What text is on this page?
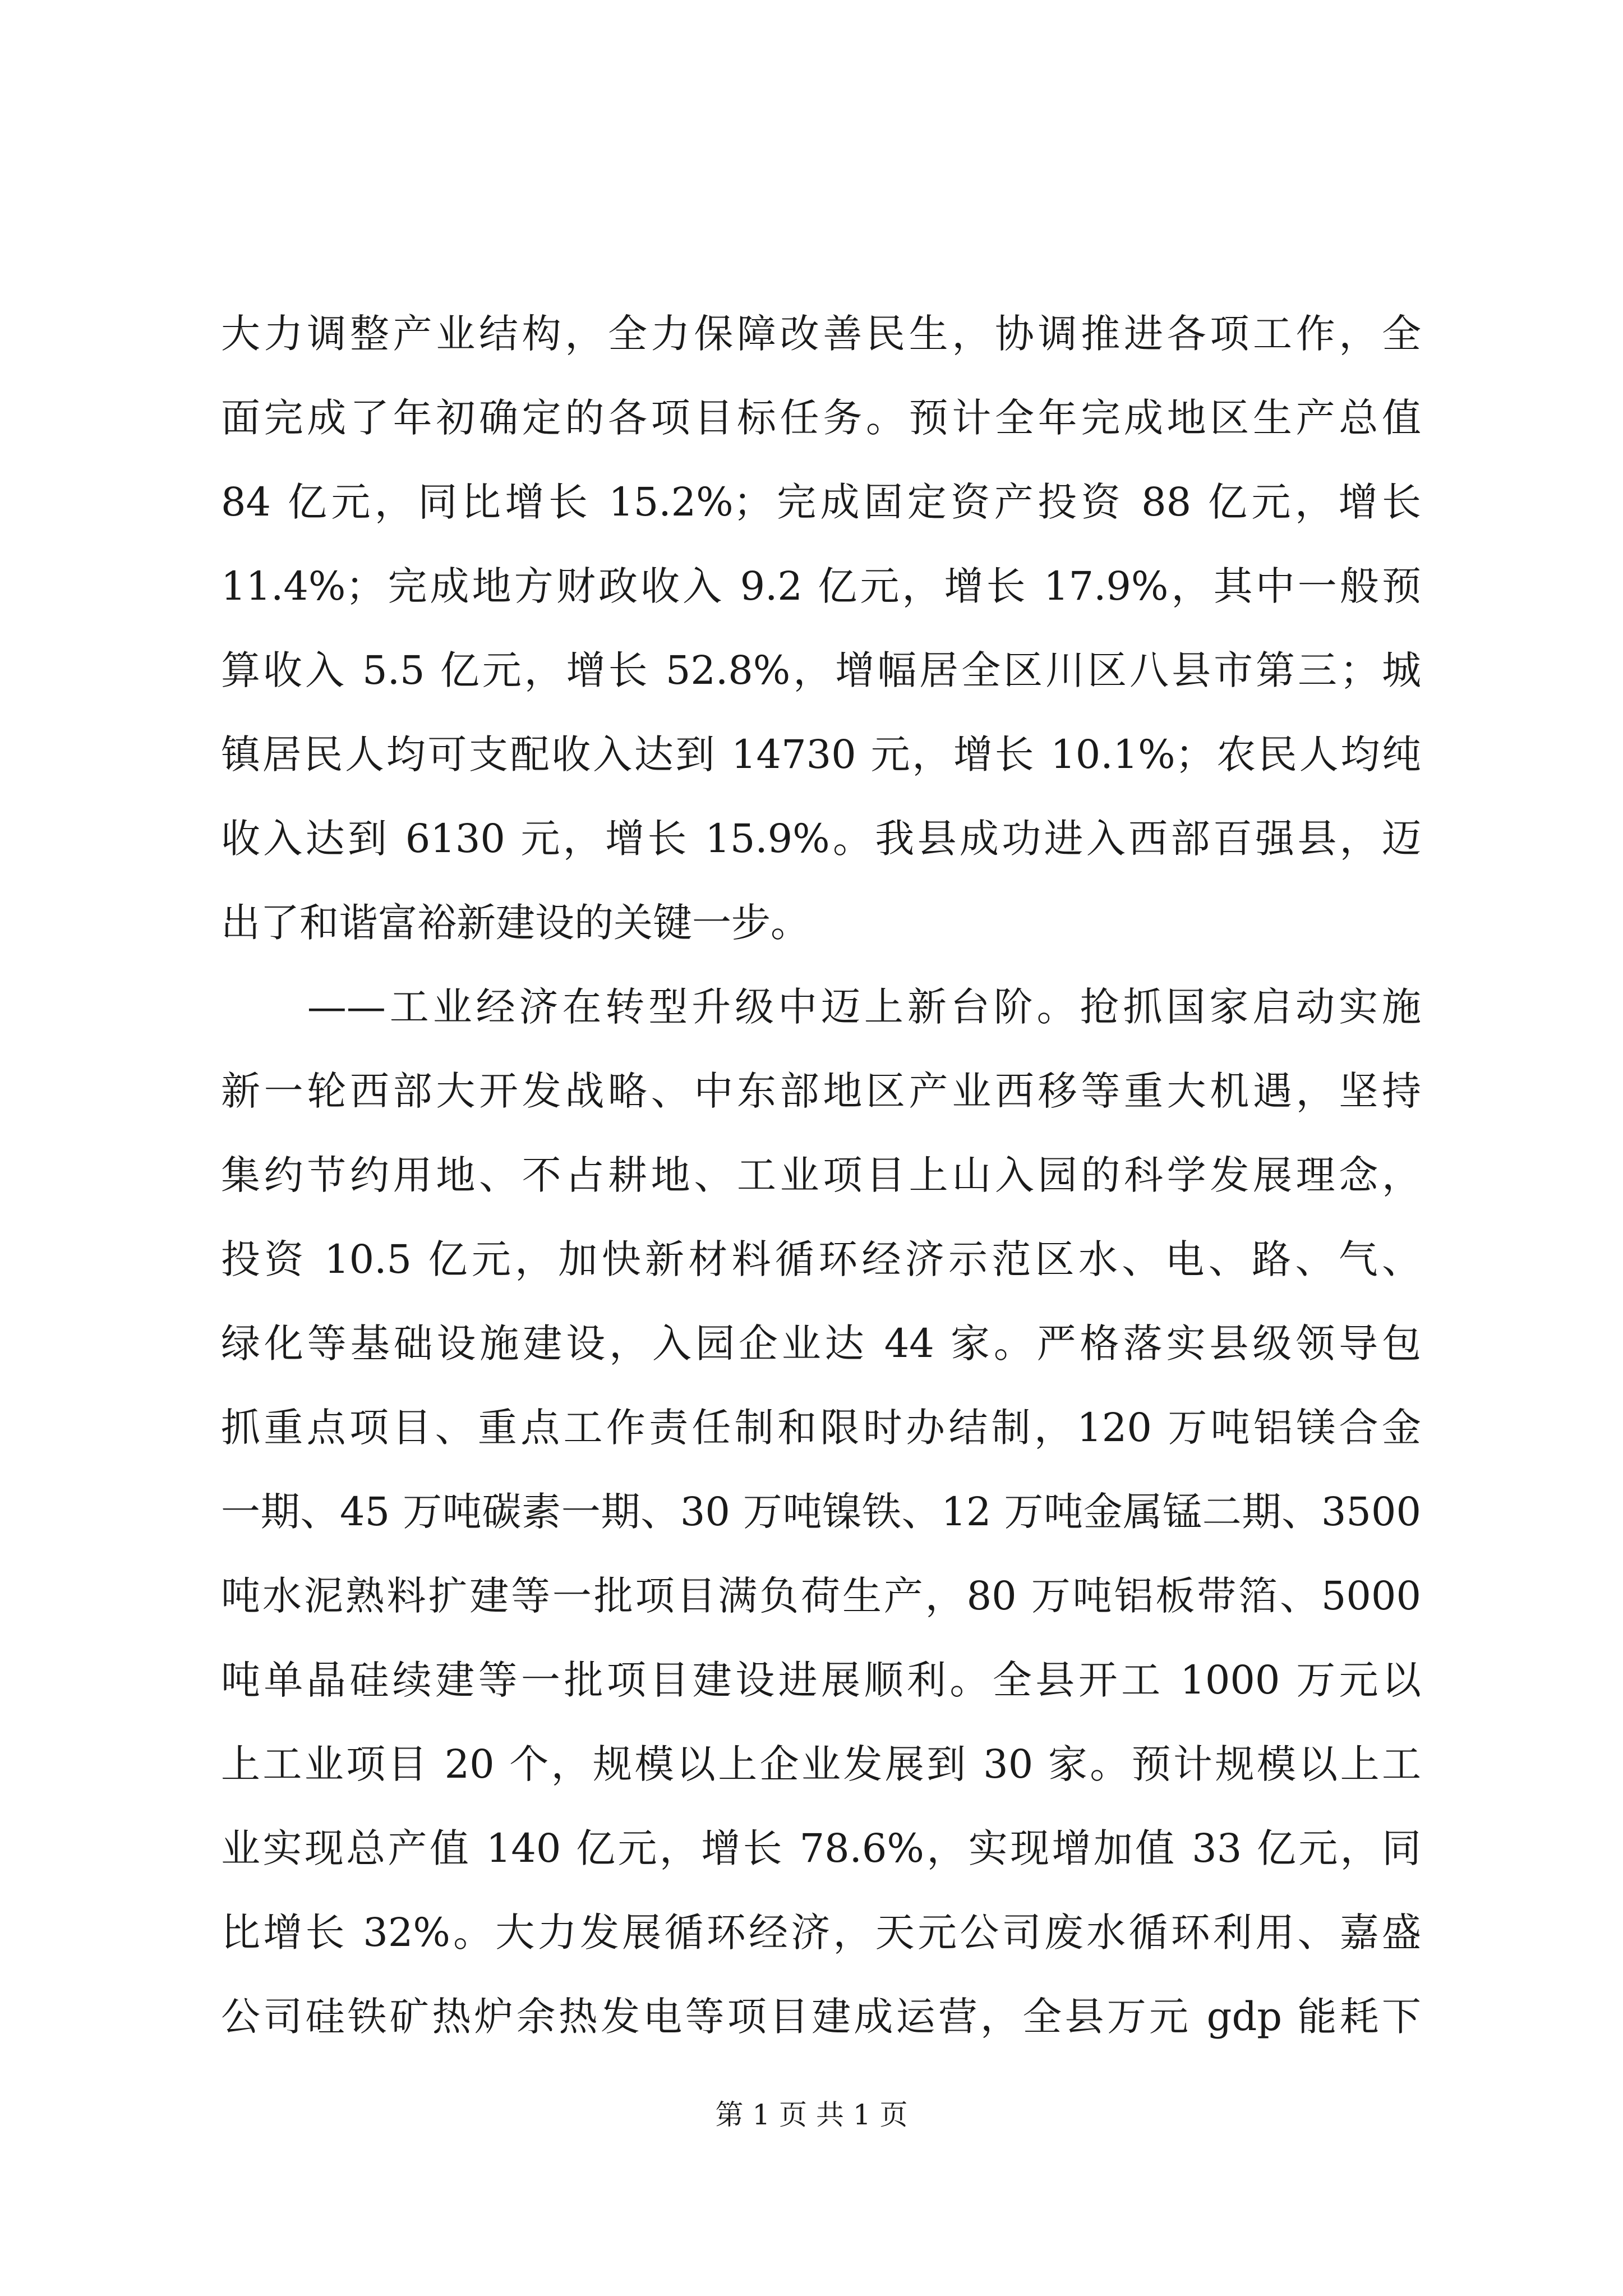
大力调整产业结构，全力保障改善民生，协调推进各项工作，全
面完成了年初确定的各项目标任务。预计全年完成地区生产总值
84 亿元，同比增长 15.2%；完成固定资产投资 88 亿元，增长
11.4%；完成地方财政收入 9.2 亿元，增长 17.9%，其中一般预
算收入 5.5 亿元，增长 52.8%，增幅居全区川区八县市第三；城
镇居民人均可支配收入达到 14730 元，增长 10.1%；农民人均纯
收入达到 6130 元，增长 15.9%。我县成功进入西部百强县，迈
出了和谐富裕新建设的关键一步。
　　——工业经济在转型升级中迈上新台阶。抢抓国家启动实施
新一轮西部大开发战略、中东部地区产业西移等重大机遇，坚持
集约节约用地、不占耕地、工业项目上山入园的科学发展理念，
投资 10.5 亿元，加快新材料循环经济示范区水、电、路、气、
绿化等基础设施建设，入园企业达 44 家。严格落实县级领导包
抓重点项目、重点工作责任制和限时办结制，120 万吨铝镁合金
一期、45 万吨碳素一期、30 万吨镍铁、12 万吨金属锰二期、3500
吨水泥熟料扩建等一批项目满负荷生产，80 万吨铝板带箔、5000
吨单晶硅续建等一批项目建设进展顺利。全县开工 1000 万元以
上工业项目 20 个，规模以上企业发展到 30 家。预计规模以上工
业实现总产值 140 亿元，增长 78.6%，实现增加值 33 亿元，同
比增长 32%。大力发展循环经济，天元公司废水循环利用、嘉盛
公司硅铁矿热炉余热发电等项目建成运营，全县万元 gdp 能耗下
第 1 页 共 1 页
